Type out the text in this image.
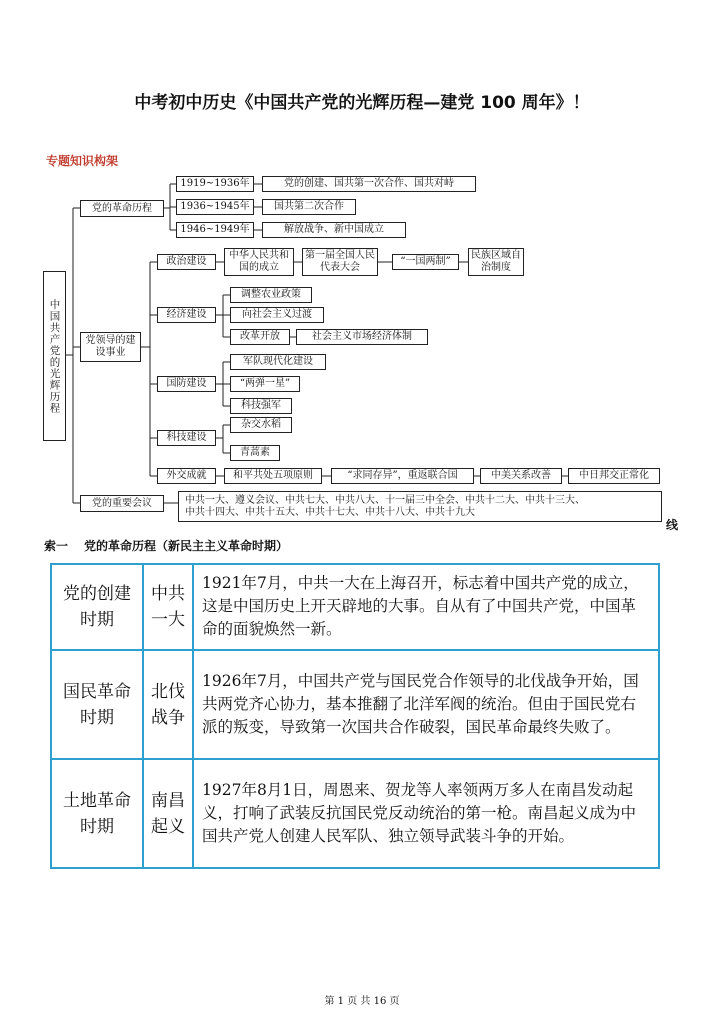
中考初中历史《中国共产党的光辉历程—建党 100 周年》！
专题知识构架
中国共产党的光辉历程
党的革命历程
1919~1936年	党的创建、国共第一次合作、国共对峙
1936~1945年	国共第二次合作
1946~1949年	解放战争、新中国成立
党领导的建设事业
政治建设
中华人民共和国的成立
第一届全国人民代表大会
“一国两制”
民族区域自治制度
经济建设
调整农业政策
向社会主义过渡
改革开放	社会主义市场经济体制
国防建设
军队现代化建设
“两弹一星”
科技强军
科技建设
杂交水稻
青蒿素
外交成就	和平共处五项原则	“求同存异”，重返联合国	中美关系改善	中日邦交正常化
党的重要会议	中共一大、遵义会议、中共七大、中共八大、十一届三中全会、中共十二大、中共十三大、
中共十四大、中共十五大、中共十七大、中共十八大、中共十九大
线
索一 党的革命历程（新民主主义革命时期）
党的创建时期	中共一大	1921年7月，中共一大在上海召开，标志着中国共产党的成立，这是中国历史上开天辟地的大事。自从有了中国共产党，中国革命的面貌焕然一新。
国民革命时期	北伐战争	1926年7月，中国共产党与国民党合作领导的北伐战争开始，国共两党齐心协力，基本推翻了北洋军阀的统治。但由于国民党右派的叛变，导致第一次国共合作破裂，国民革命最终失败了。
土地革命时期	南昌起义	1927年8月1日，周恩来、贺龙等人率领两万多人在南昌发动起义，打响了武装反抗国民党反动统治的第一枪。南昌起义成为中国共产党人创建人民军队、独立领导武装斗争的开始。
第 1 页 共 16 页
